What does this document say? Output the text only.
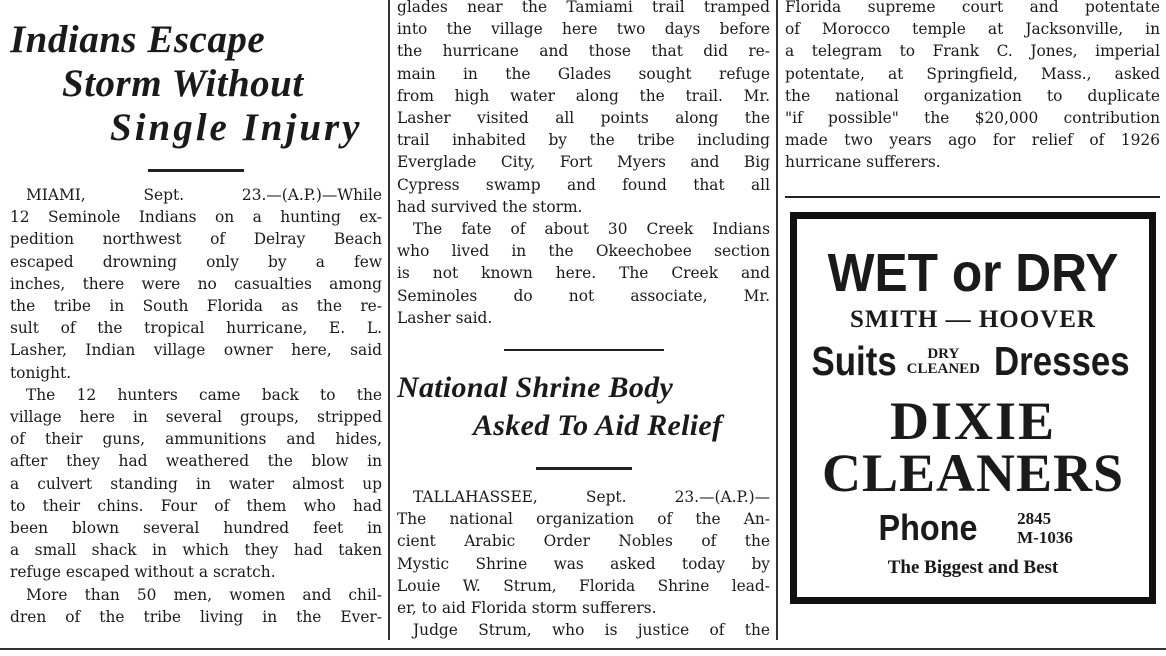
Indians Escape
Storm Without
Single Injury
MIAMI, Sept. 23.—(A.P.)—While
12 Seminole Indians on a hunting ex-
pedition northwest of Delray Beach
escaped drowning only by a few
inches, there were no casualties among
the tribe in South Florida as the re-
sult of the tropical hurricane, E. L.
Lasher, Indian village owner here, said
tonight.
The 12 hunters came back to the
village here in several groups, stripped
of their guns, ammunitions and hides,
after they had weathered the blow in
a culvert standing in water almost up
to their chins. Four of them who had
been blown several hundred feet in
a small shack in which they had taken
refuge escaped without a scratch.
More than 50 men, women and chil-
dren of the tribe living in the Ever-
glades near the Tamiami trail tramped
into the village here two days before
the hurricane and those that did re-
main in the Glades sought refuge
from high water along the trail. Mr.
Lasher visited all points along the
trail inhabited by the tribe including
Everglade City, Fort Myers and Big
Cypress swamp and found that all
had survived the storm.
The fate of about 30 Creek Indians
who lived in the Okeechobee section
is not known here. The Creek and
Seminoles do not associate, Mr.
Lasher said.
National Shrine Body
Asked To Aid Relief
TALLAHASSEE, Sept. 23.—(A.P.)—
The national organization of the An-
cient Arabic Order Nobles of the
Mystic Shrine was asked today by
Louie W. Strum, Florida Shrine lead-
er, to aid Florida storm sufferers.
Judge Strum, who is justice of the
Florida supreme court and potentate
of Morocco temple at Jacksonville, in
a telegram to Frank C. Jones, imperial
potentate, at Springfield, Mass., asked
the national organization to duplicate
"if possible" the $20,000 contribution
made two years ago for relief of 1926
hurricane sufferers.
WET or DRY
SMITH — HOOVER
Suits	DRY
CLEANED Dresses
DIXIE
CLEANERS
Phone 2845
M-1036
The Biggest and Best
